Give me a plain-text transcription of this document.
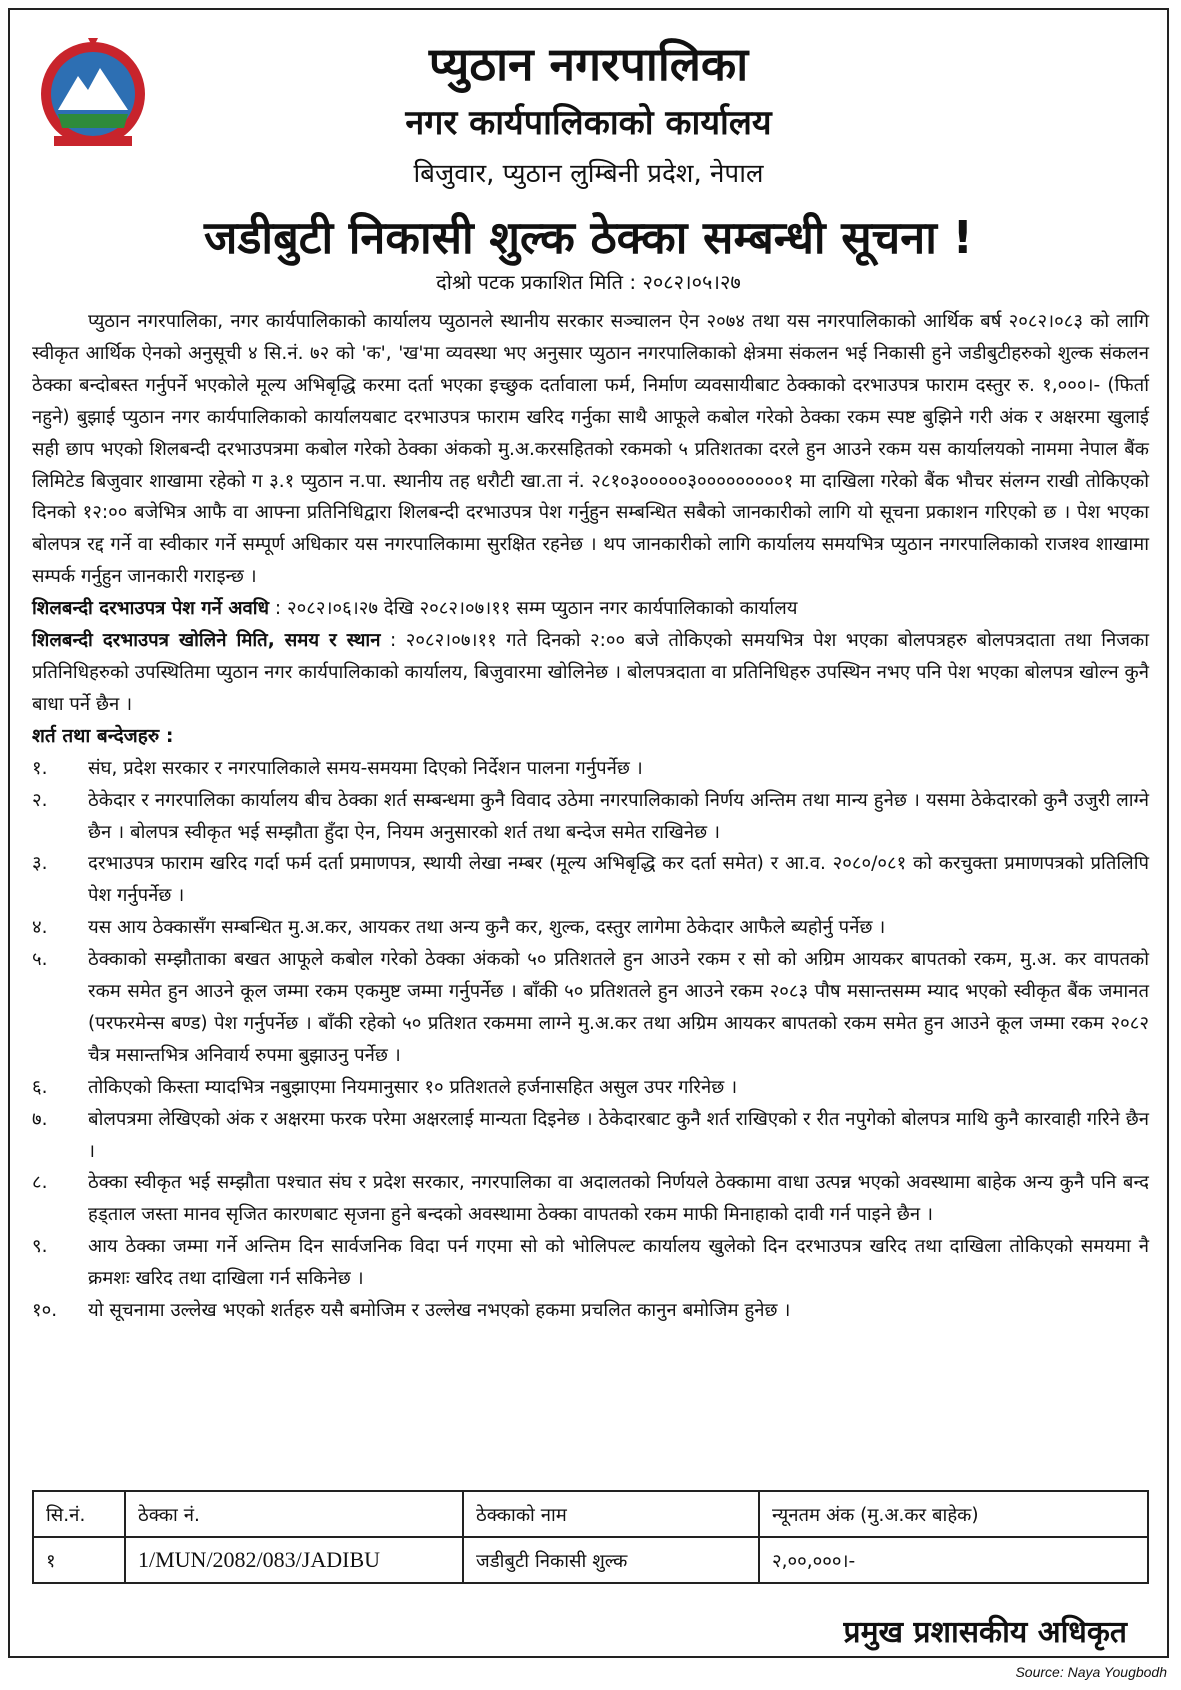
प्युठान नगरपालिका
नगर कार्यपालिकाको कार्यालय
बिजुवार, प्युठान लुम्बिनी प्रदेश, नेपाल
जडीबुटी निकासी शुल्क ठेक्का सम्बन्धी सूचना !
दोश्रो पटक प्रकाशित मिति : २०८२।०५।२७

प्युठान नगरपालिका, नगर कार्यपालिकाको कार्यालय प्युठानले स्थानीय सरकार सञ्चालन ऐन २०७४ तथा यस नगरपालिकाको आर्थिक बर्ष २०८२।०८३ को लागि स्वीकृत आर्थिक ऐनको अनुसूची ४ सि.नं. ७२ को 'क', 'ख'मा व्यवस्था भए अनुसार प्युठान नगरपालिकाको क्षेत्रमा संकलन भई निकासी हुने जडीबुटीहरुको शुल्क संकलन ठेक्का बन्दोबस्त गर्नुपर्ने भएकोले मूल्य अभिबृद्धि करमा दर्ता भएका इच्छुक दर्तावाला फर्म, निर्माण व्यवसायीबाट ठेक्काको दरभाउपत्र फाराम दस्तुर रु. १,०००।- (फिर्ता नहुने) बुझाई प्युठान नगर कार्यपालिकाको कार्यालयबाट दरभाउपत्र फाराम खरिद गर्नुका साथै आफूले कबोल गरेको ठेक्का रकम स्पष्ट बुझिने गरी अंक र अक्षरमा खुलाई सही छाप भएको शिलबन्दी दरभाउपत्रमा कबोल गरेको ठेक्का अंकको मु.अ.करसहितको रकमको ५ प्रतिशतका दरले हुन आउने रकम यस कार्यालयको नाममा नेपाल बैंक लिमिटेड बिजुवार शाखामा रहेको ग ३.१ प्युठान न.पा. स्थानीय तह धरौटी खा.ता नं. २८१०३०००००३०००००००००१ मा दाखिला गरेको बैंक भौचर संलग्न राखी तोकिएको दिनको १२:०० बजेभित्र आफै वा आफ्ना प्रतिनिधिद्वारा शिलबन्दी दरभाउपत्र पेश गर्नुहुन सम्बन्धित सबैको जानकारीको लागि यो सूचना प्रकाशन गरिएको छ । पेश भएका बोलपत्र रद्द गर्ने वा स्वीकार गर्ने सम्पूर्ण अधिकार यस नगरपालिकामा सुरक्षित रहनेछ । थप जानकारीको लागि कार्यालय समयभित्र प्युठान नगरपालिकाको राजश्व शाखामा सम्पर्क गर्नुहुन जानकारी गराइन्छ ।

शिलबन्दी दरभाउपत्र पेश गर्ने अवधि : २०८२।०६।२७ देखि २०८२।०७।११ सम्म प्युठान नगर कार्यपालिकाको कार्यालय

शिलबन्दी दरभाउपत्र खोलिने मिति, समय र स्थान : २०८२।०७।११ गते दिनको २:०० बजे तोकिएको समयभित्र पेश भएका बोलपत्रहरु बोलपत्रदाता तथा निजका प्रतिनिधिहरुको उपस्थितिमा प्युठान नगर कार्यपालिकाको कार्यालय, बिजुवारमा खोलिनेछ । बोलपत्रदाता वा प्रतिनिधिहरु उपस्थिन नभए पनि पेश भएका बोलपत्र खोल्न कुनै बाधा पर्ने छैन ।

शर्त तथा बन्देजहरु :

१.	संघ, प्रदेश सरकार र नगरपालिकाले समय-समयमा दिएको निर्देशन पालना गर्नुपर्नेछ ।
२.	ठेकेदार र नगरपालिका कार्यालय बीच ठेक्का शर्त सम्बन्धमा कुनै विवाद उठेमा नगरपालिकाको निर्णय अन्तिम तथा मान्य हुनेछ । यसमा ठेकेदारको कुनै उजुरी लाग्ने छैन । बोलपत्र स्वीकृत भई सम्झौता हुँदा ऐन, नियम अनुसारको शर्त तथा बन्देज समेत राखिनेछ ।
३.	दरभाउपत्र फाराम खरिद गर्दा फर्म दर्ता प्रमाणपत्र, स्थायी लेखा नम्बर (मूल्य अभिबृद्धि कर दर्ता समेत) र आ.व. २०८०/०८१ को करचुक्ता प्रमाणपत्रको प्रतिलिपि पेश गर्नुपर्नेछ ।
४.	यस आय ठेक्कासँग सम्बन्धित मु.अ.कर, आयकर तथा अन्य कुनै कर, शुल्क, दस्तुर लागेमा ठेकेदार आफैले ब्यहोर्नु पर्नेछ ।
५.	ठेक्काको सम्झौताका बखत आफूले कबोल गरेको ठेक्का अंकको ५० प्रतिशतले हुन आउने रकम र सो को अग्रिम आयकर बापतको रकम, मु.अ. कर वापतको रकम समेत हुन आउने कूल जम्मा रकम एकमुष्ट जम्मा गर्नुपर्नेछ । बाँकी ५० प्रतिशतले हुन आउने रकम २०८३ पौष मसान्तसम्म म्याद भएको स्वीकृत बैंक जमानत (परफरमेन्स बण्ड) पेश गर्नुपर्नेछ । बाँकी रहेको ५० प्रतिशत रकममा लाग्ने मु.अ.कर तथा अग्रिम आयकर बापतको रकम समेत हुन आउने कूल जम्मा रकम २०८२ चैत्र मसान्तभित्र अनिवार्य रुपमा बुझाउनु पर्नेछ ।
६.	तोकिएको किस्ता म्यादभित्र नबुझाएमा नियमानुसार १० प्रतिशतले हर्जनासहित असुल उपर गरिनेछ ।
७.	बोलपत्रमा लेखिएको अंक र अक्षरमा फरक परेमा अक्षरलाई मान्यता दिइनेछ । ठेकेदारबाट कुनै शर्त राखिएको र रीत नपुगेको बोलपत्र माथि कुनै कारवाही गरिने छैन ।
८.	ठेक्का स्वीकृत भई सम्झौता पश्चात संघ र प्रदेश सरकार, नगरपालिका वा अदालतको निर्णयले ठेक्कामा वाधा उत्पन्न भएको अवस्थामा बाहेक अन्य कुनै पनि बन्द हड्ताल जस्ता मानव सृजित कारणबाट सृजना हुने बन्दको अवस्थामा ठेक्का वापतको रकम माफी मिनाहाको दावी गर्न पाइने छैन ।
९.	आय ठेक्का जम्मा गर्ने अन्तिम दिन सार्वजनिक विदा पर्न गएमा सो को भोलिपल्ट कार्यालय खुलेको दिन दरभाउपत्र खरिद तथा दाखिला तोकिएको समयमा नै क्रमशः खरिद तथा दाखिला गर्न सकिनेछ ।
१०.	यो सूचनामा उल्लेख भएको शर्तहरु यसै बमोजिम र उल्लेख नभएको हकमा प्रचलित कानुन बमोजिम हुनेछ ।
सि.नं.	ठेक्का नं.	ठेक्काको नाम	न्यूनतम अंक (मु.अ.कर बाहेक)
१	1/MUN/2082/083/JADIBU	जडीबुटी निकासी शुल्क	२,००,०००।-
प्रमुख प्रशासकीय अधिकृत
Source: Naya Yougbodh
